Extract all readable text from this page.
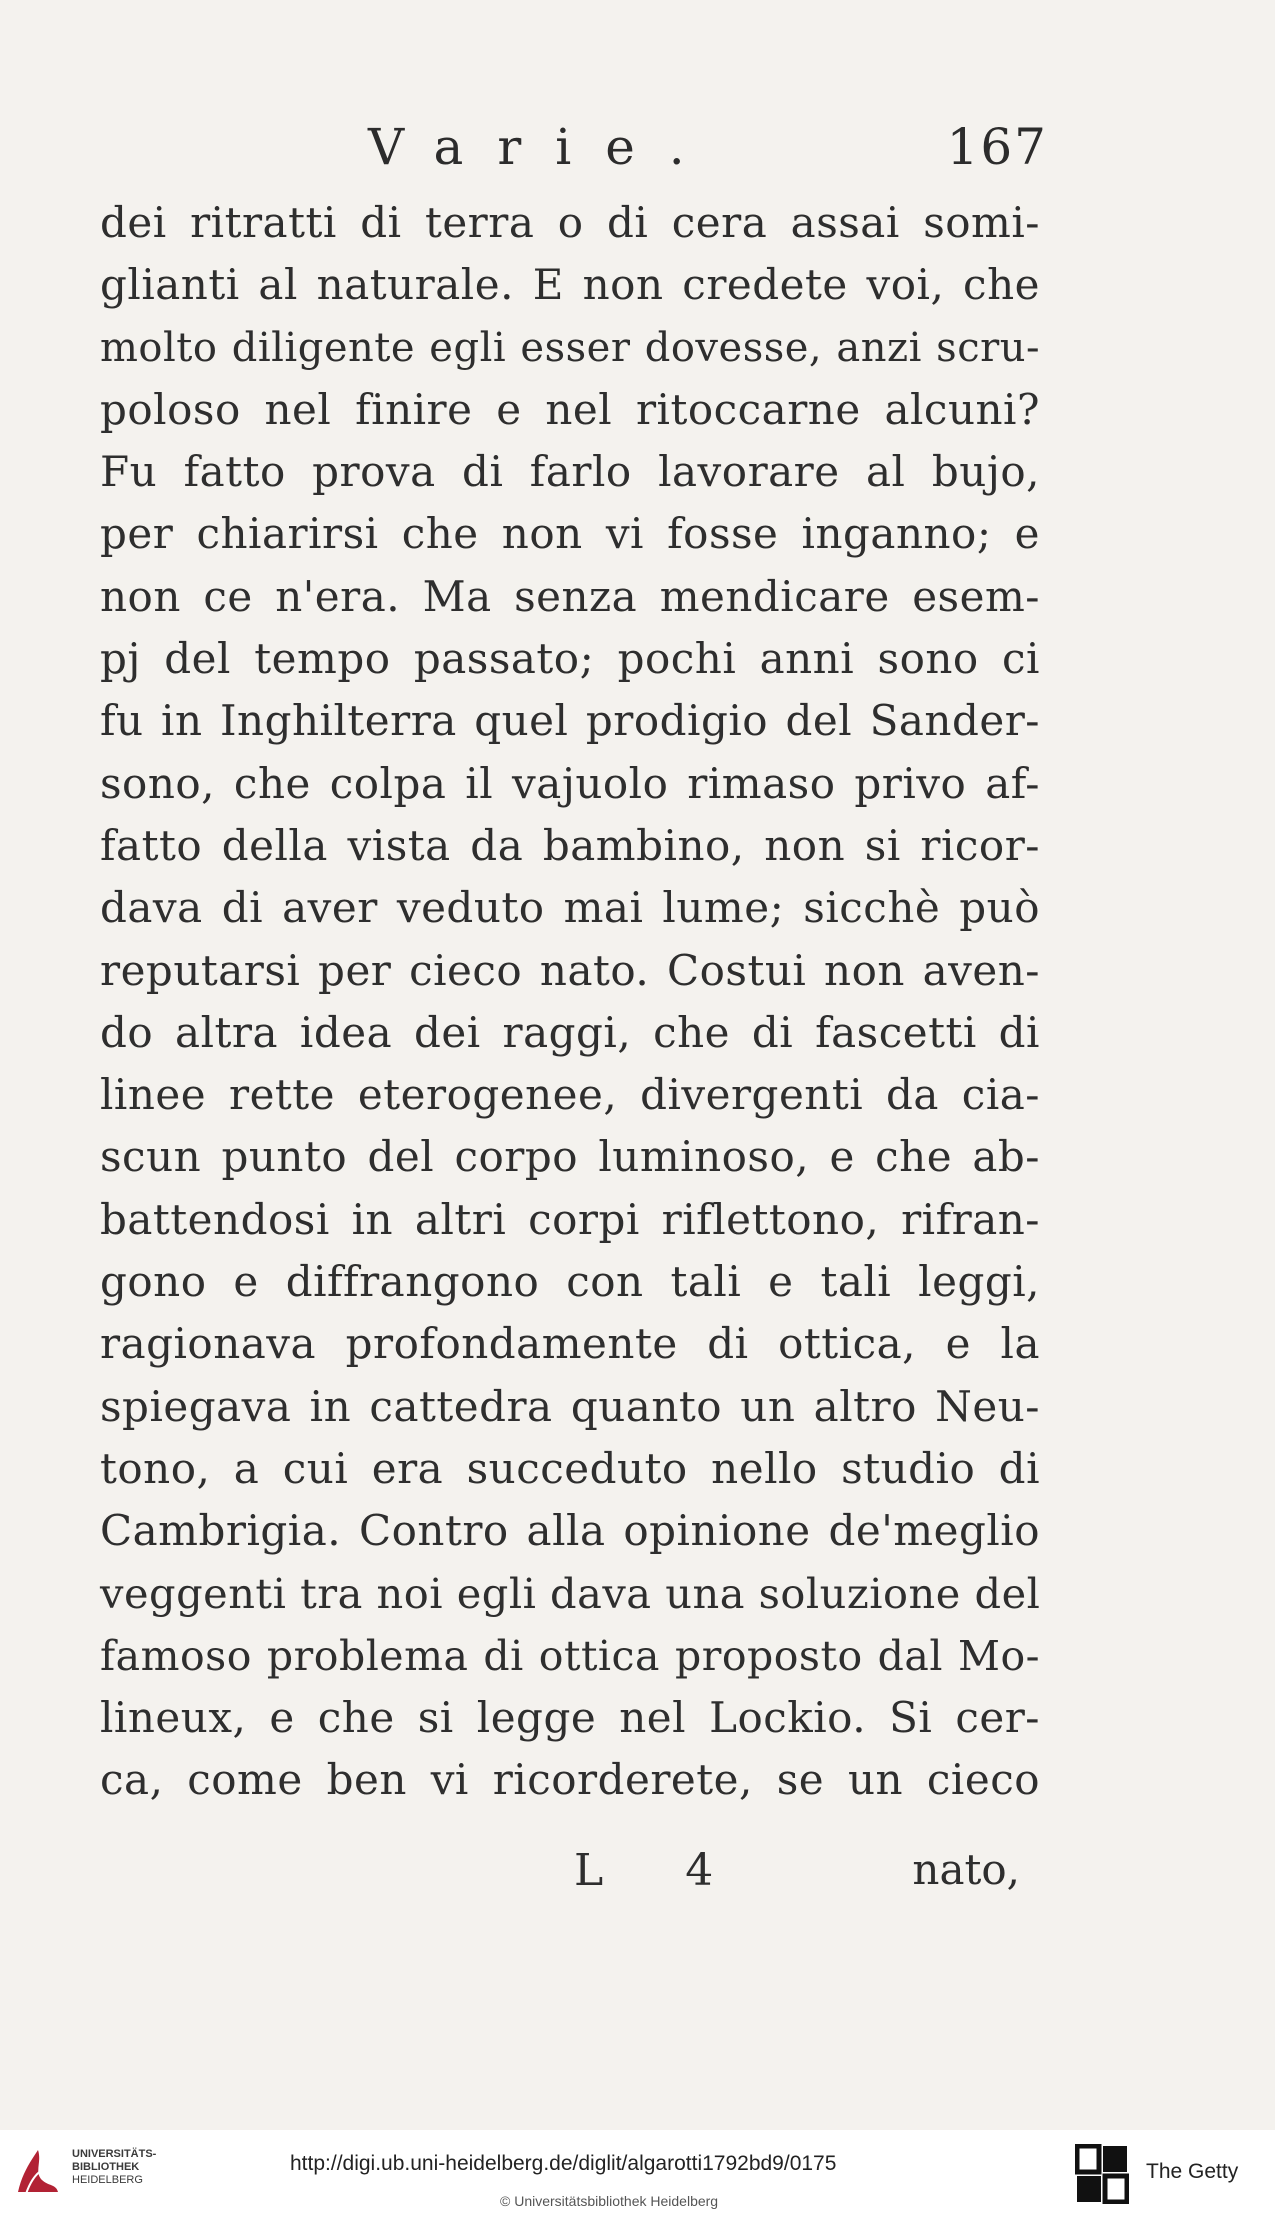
Varie.	167
dei ritratti di terra o di cera assai somi-
glianti al naturale. E non credete voi, che
molto diligente egli esser dovesse, anzi scru-
poloso nel finire e nel ritoccarne alcuni?
Fu fatto prova di farlo lavorare al bujo,
per chiarirsi che non vi fosse inganno; e
non ce n'era. Ma senza mendicare esem-
pj del tempo passato; pochi anni sono ci
fu in Inghilterra quel prodigio del Sander-
sono, che colpa il vajuolo rimaso privo af-
fatto della vista da bambino, non si ricor-
dava di aver veduto mai lume; sicchè può
reputarsi per cieco nato. Costui non aven-
do altra idea dei raggi, che di fascetti di
linee rette eterogenee, divergenti da cia-
scun punto del corpo luminoso, e che ab-
battendosi in altri corpi riflettono, rifran-
gono e diffrangono con tali e tali leggi,
ragionava profondamente di ottica, e la
spiegava in cattedra quanto un altro Neu-
tono, a cui era succeduto nello studio di
Cambrigia. Contro alla opinione de'meglio
veggenti tra noi egli dava una soluzione del
famoso problema di ottica proposto dal Mo-
lineux, e che si legge nel Lockio. Si cer-
ca, come ben vi ricorderete, se un cieco
L 4	nato,
UNIVERSITÄTS-
BIBLIOTHEK
HEIDELBERG
http://digi.ub.uni-heidelberg.de/diglit/algarotti1792bd9/0175
© Universitätsbibliothek Heidelberg
The Getty
